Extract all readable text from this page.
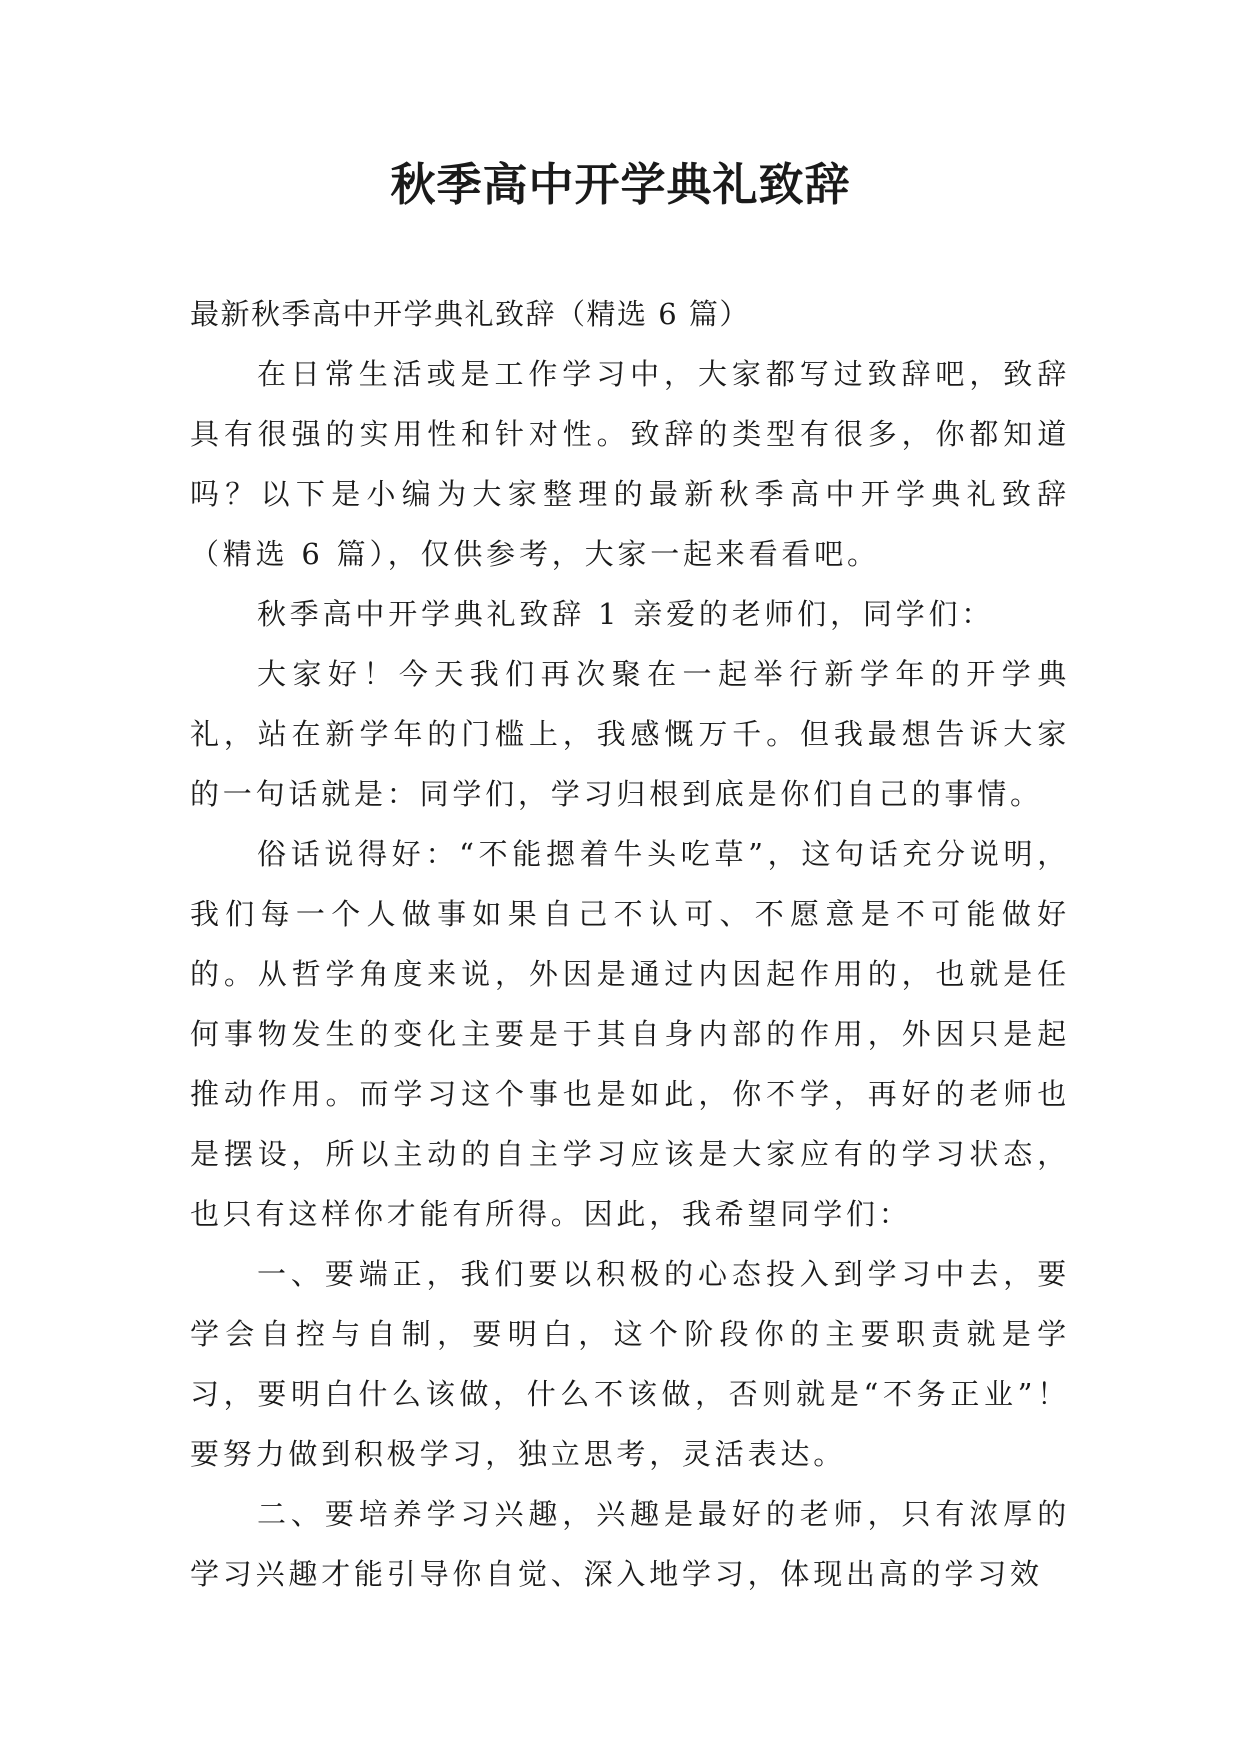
秋季高中开学典礼致辞

最新秋季高中开学典礼致辞（精选 6 篇）

在日常生活或是工作学习中，大家都写过致辞吧，致辞具有很强的实用性和针对性。致辞的类型有很多，你都知道吗？以下是小编为大家整理的最新秋季高中开学典礼致辞（精选 6 篇），仅供参考，大家一起来看看吧。

秋季高中开学典礼致辞 1 亲爱的老师们，同学们：

大家好！今天我们再次聚在一起举行新学年的开学典礼，站在新学年的门槛上，我感慨万千。但我最想告诉大家的一句话就是：同学们，学习归根到底是你们自己的事情。

俗话说得好：“不能摁着牛头吃草”，这句话充分说明，我们每一个人做事如果自己不认可、不愿意是不可能做好的。从哲学角度来说，外因是通过内因起作用的，也就是任何事物发生的变化主要是于其自身内部的作用，外因只是起推动作用。而学习这个事也是如此，你不学，再好的老师也是摆设，所以主动的自主学习应该是大家应有的学习状态，也只有这样你才能有所得。因此，我希望同学们：

一、要端正，我们要以积极的心态投入到学习中去，要学会自控与自制，要明白，这个阶段你的主要职责就是学习，要明白什么该做，什么不该做，否则就是“不务正业”！要努力做到积极学习，独立思考，灵活表达。

二、要培养学习兴趣，兴趣是最好的老师，只有浓厚的学习兴趣才能引导你自觉、深入地学习，体现出高的学习效
